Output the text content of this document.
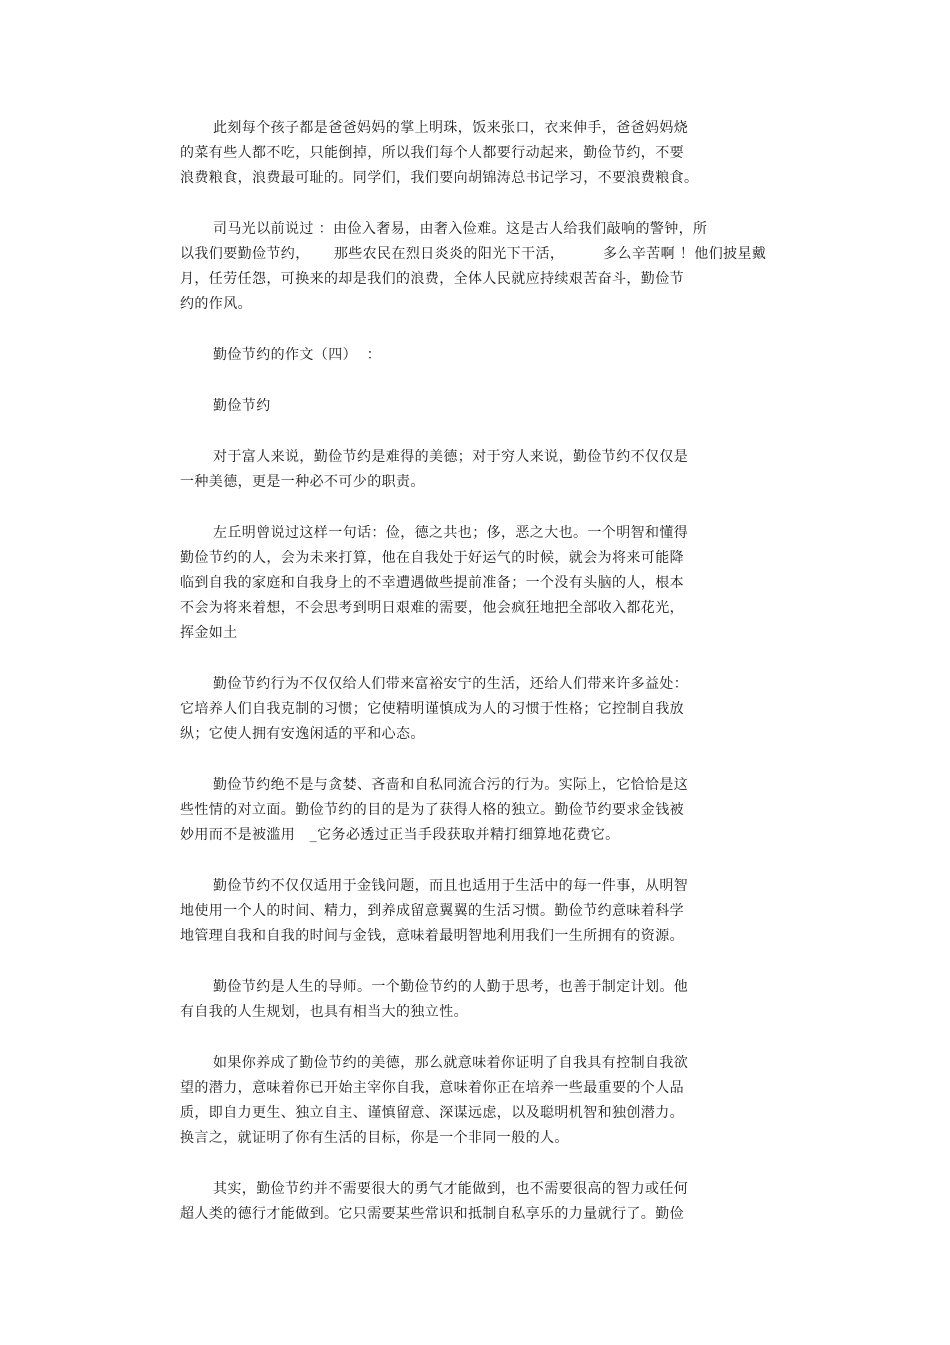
此刻每个孩子都是爸爸妈妈的掌上明珠，饭来张口，衣来伸手，爸爸妈妈烧
的菜有些人都不吃，只能倒掉，所以我们每个人都要行动起来，勤俭节约，不要
浪费粮食，浪费最可耻的。同学们，我们要向胡锦涛总书记学习，不要浪费粮食。
司马光以前说过 ：由俭入奢易，由奢入俭难。这是古人给我们敲响的警钟，所
以我们要勤俭节约，     那些农民在烈日炎炎的阳光下干活，        多么辛苦啊 ！他们披星戴
月，任劳任怨，可换来的却是我们的浪费，全体人民就应持续艰苦奋斗，勤俭节
约的作风。
勤俭节约的作文（四）  ：
勤俭节约
对于富人来说，勤俭节约是难得的美德；对于穷人来说，勤俭节约不仅仅是
一种美德，更是一种必不可少的职责。
左丘明曾说过这样一句话：俭，德之共也；侈，恶之大也。一个明智和懂得
勤俭节约的人，会为未来打算，他在自我处于好运气的时候，就会为将来可能降
临到自我的家庭和自我身上的不幸遭遇做些提前准备；一个没有头脑的人，根本
不会为将来着想，不会思考到明日艰难的需要，他会疯狂地把全部收入都花光，
挥金如土
勤俭节约行为不仅仅给人们带来富裕安宁的生活，还给人们带来许多益处：
它培养人们自我克制的习惯；它使精明谨慎成为人的习惯于性格；它控制自我放
纵；它使人拥有安逸闲适的平和心态。
勤俭节约绝不是与贪婪、吝啬和自私同流合污的行为。实际上，它恰恰是这
些性情的对立面。勤俭节约的目的是为了获得人格的独立。勤俭节约要求金钱被
妙用而不是被滥用   _它务必透过正当手段获取并精打细算地花费它。
勤俭节约不仅仅适用于金钱问题，而且也适用于生活中的每一件事，从明智
地使用一个人的时间、精力，到养成留意翼翼的生活习惯。勤俭节约意味着科学
地管理自我和自我的时间与金钱，意味着最明智地利用我们一生所拥有的资源。
勤俭节约是人生的导师。一个勤俭节约的人勤于思考，也善于制定计划。他
有自我的人生规划，也具有相当大的独立性。
如果你养成了勤俭节约的美德，那么就意味着你证明了自我具有控制自我欲
望的潜力，意味着你已开始主宰你自我，意味着你正在培养一些最重要的个人品
质，即自力更生、独立自主、谨慎留意、深谋远虑，以及聪明机智和独创潜力。
换言之，就证明了你有生活的目标，你是一个非同一般的人。
其实，勤俭节约并不需要很大的勇气才能做到，也不需要很高的智力或任何
超人类的德行才能做到。它只需要某些常识和抵制自私享乐的力量就行了。勤俭
